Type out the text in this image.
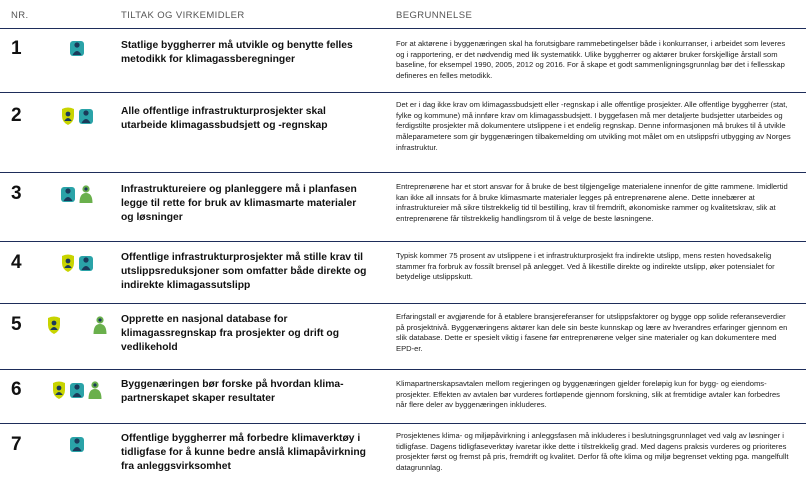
NR.	TILTAK OG VIRKEMIDLER	BEGRUNNELSE
1	Statlige byggherrer må utvikle og benytte felles metodikk for klimagassberegninger
For at aktørene i byggenæringen skal ha forutsigbare rammebetingelser både i konkurranser, i arbeidet som leveres og i rapportering, er det nødvendig med lik systematikk. Ulike byggherrer og aktører bruker forskjellige årstall som baseline, for eksempel 1990, 2005, 2012 og 2016. For å skape et godt sammenligningsgrunnlag bør det i fellesskap defineres en felles metodikk.
2	Alle offentlige infrastrukturprosjekter skal utarbeide klimagassbudsjett og -regnskap
Det er i dag ikke krav om klimagassbudsjett eller -regnskap i alle offentlige prosjekter. Alle offentlige byggherrer (stat, fylke og kommune) må innføre krav om klimagassbudsjett. I byggefasen må mer detaljerte budsjetter utarbeides og ferdigstilte prosjekter må dokumentere utslippene i et endelig regnskap. Denne informasjonen må brukes til å utvikle måleparametere som gir byggenæringen tilbakemelding om utvikling mot målet om en utslippsfri utbygging av Norges infrastruktur.
3	Infrastruktureiere og planleggere må i planfasen legge til rette for bruk av klimasmarte materialer og løsninger
Entreprenørene har et stort ansvar for å bruke de best tilgjengelige materialene innenfor de gitte rammene. Imidlertid kan ikke all innsats for å bruke klimasmarte materialer legges på entreprenørene alene. Dette innebærer at infrastruktureier må sikre tilstrekkelig tid til bestilling, krav til fremdrift, økonomiske rammer og kvalitetskrav, slik at entreprenørene får tilstrekkelig handlingsrom til å velge de beste løsningene.
4	Offentlige infrastrukturprosjekter må stille krav til utslippsreduksjoner som omfatter både direkte og indirekte klimagassutslipp
Typisk kommer 75 prosent av utslippene i et infrastrukturprosjekt fra indirekte utslipp, mens resten hovedsakelig stammer fra forbruk av fossilt brensel på anlegget. Ved å likestille direkte og indirekte utslipp, øker potensialet for betydelige utslippskutt.
5	Opprette en nasjonal database for klimagassregnskap fra prosjekter og drift og vedlikehold
Erfaringstall er avgjørende for å etablere bransjereferanser for utslippsfaktorer og bygge opp solide referanseverdier på prosjektnivå. Byggenæringens aktører kan dele sin beste kunnskap og lære av hverandres erfaringer gjennom en slik database. Dette er spesielt viktig i fasene før entreprenørene velger sine materialer og kan dokumentere med EPD-er.
6	Byggenæringen bør forske på hvordan klimapartnerskapet skaper resultater
Klimapartnerskapsavtalen mellom regjeringen og byggenæringen gjelder foreløpig kun for bygg- og eiendomsprosjekter. Effekten av avtalen bør vurderes fortløpende gjennom forskning, slik at fremtidige avtaler kan forbedres når flere deler av byggenæringen inkluderes.
7	Offentlige byggherrer må forbedre klimaverktøy i tidligfase for å kunne bedre anslå klimapåvirkning fra anleggsvirksomhet
Prosjektenes klima- og miljøpåvirkning i anleggsfasen må inkluderes i beslutningsgrunnlaget ved valg av løsninger i tidligfase. Dagens tidligfaseverktøy ivaretar ikke dette i tilstrekkelig grad. Med dagens praksis vurderes og prioriteres prosjekter først og fremst på pris, fremdrift og kvalitet. Derfor få ofte klima og miljø begrenset vekting pga. mangelfullt datagrunnlag.
